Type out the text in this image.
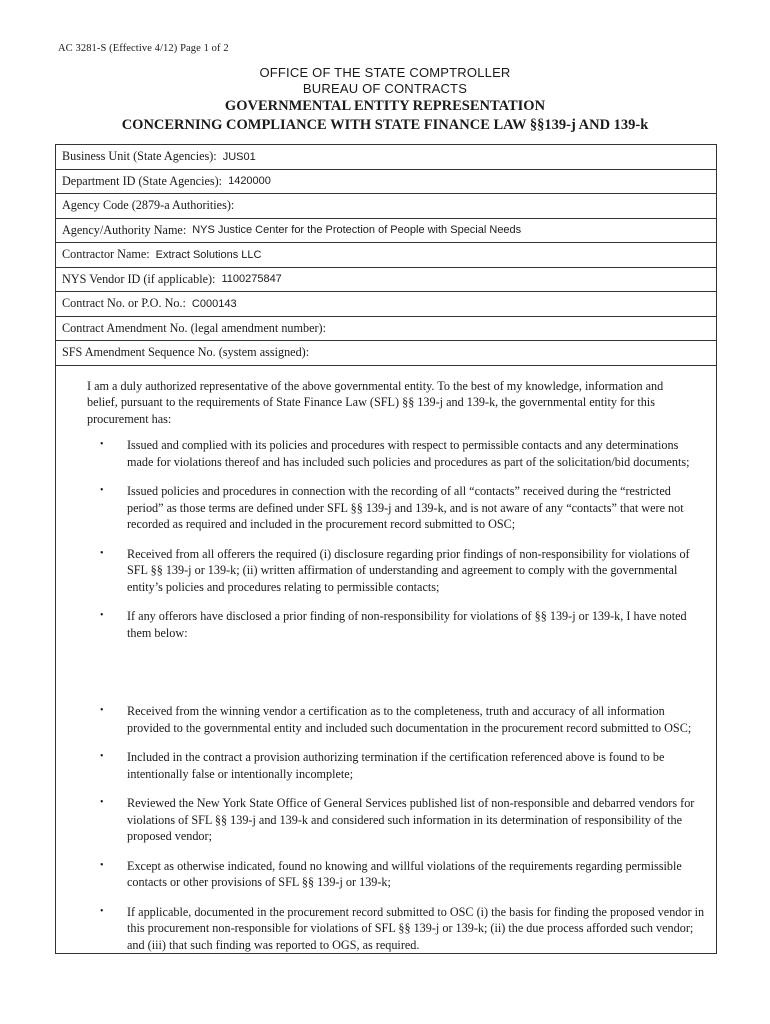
AC 3281-S (Effective 4/12) Page 1 of 2
OFFICE OF THE STATE COMPTROLLER
BUREAU OF CONTRACTS
GOVERNMENTAL ENTITY REPRESENTATION
CONCERNING COMPLIANCE WITH STATE FINANCE LAW §§139-j AND 139-k
Business Unit (State Agencies): JUS01
Department ID (State Agencies): 1420000
Agency Code (2879-a Authorities):
Agency/Authority Name: NYS Justice Center for the Protection of People with Special Needs
Contractor Name: Extract Solutions LLC
NYS Vendor ID (if applicable): 1100275847
Contract No. or P.O. No.: C000143
Contract Amendment No. (legal amendment number):
SFS Amendment Sequence No. (system assigned):

I am a duly authorized representative of the above governmental entity. To the best of my knowledge, information and belief, pursuant to the requirements of State Finance Law (SFL) §§ 139-j and 139-k, the governmental entity for this procurement has:

• Issued and complied with its policies and procedures with respect to permissible contacts and any determinations made for violations thereof and has included such policies and procedures as part of the solicitation/bid documents;
• Issued policies and procedures in connection with the recording of all “contacts” received during the “restricted period” as those terms are defined under SFL §§ 139-j and 139-k, and is not aware of any “contacts” that were not recorded as required and included in the procurement record submitted to OSC;
• Received from all offerers the required (i) disclosure regarding prior findings of non-responsibility for violations of SFL §§ 139-j or 139-k; (ii) written affirmation of understanding and agreement to comply with the governmental entity’s policies and procedures relating to permissible contacts;
• If any offerors have disclosed a prior finding of non-responsibility for violations of §§ 139-j or 139-k, I have noted them below:
• Received from the winning vendor a certification as to the completeness, truth and accuracy of all information provided to the governmental entity and included such documentation in the procurement record submitted to OSC;
• Included in the contract a provision authorizing termination if the certification referenced above is found to be intentionally false or intentionally incomplete;
• Reviewed the New York State Office of General Services published list of non-responsible and debarred vendors for violations of SFL §§ 139-j and 139-k and considered such information in its determination of responsibility of the proposed vendor;
• Except as otherwise indicated, found no knowing and willful violations of the requirements regarding permissible contacts or other provisions of SFL §§ 139-j or 139-k;
• If applicable, documented in the procurement record submitted to OSC (i) the basis for finding the proposed vendor in this procurement non-responsible for violations of SFL §§ 139-j or 139-k; (ii) the due process afforded such vendor; and (iii) that such finding was reported to OGS, as required.
